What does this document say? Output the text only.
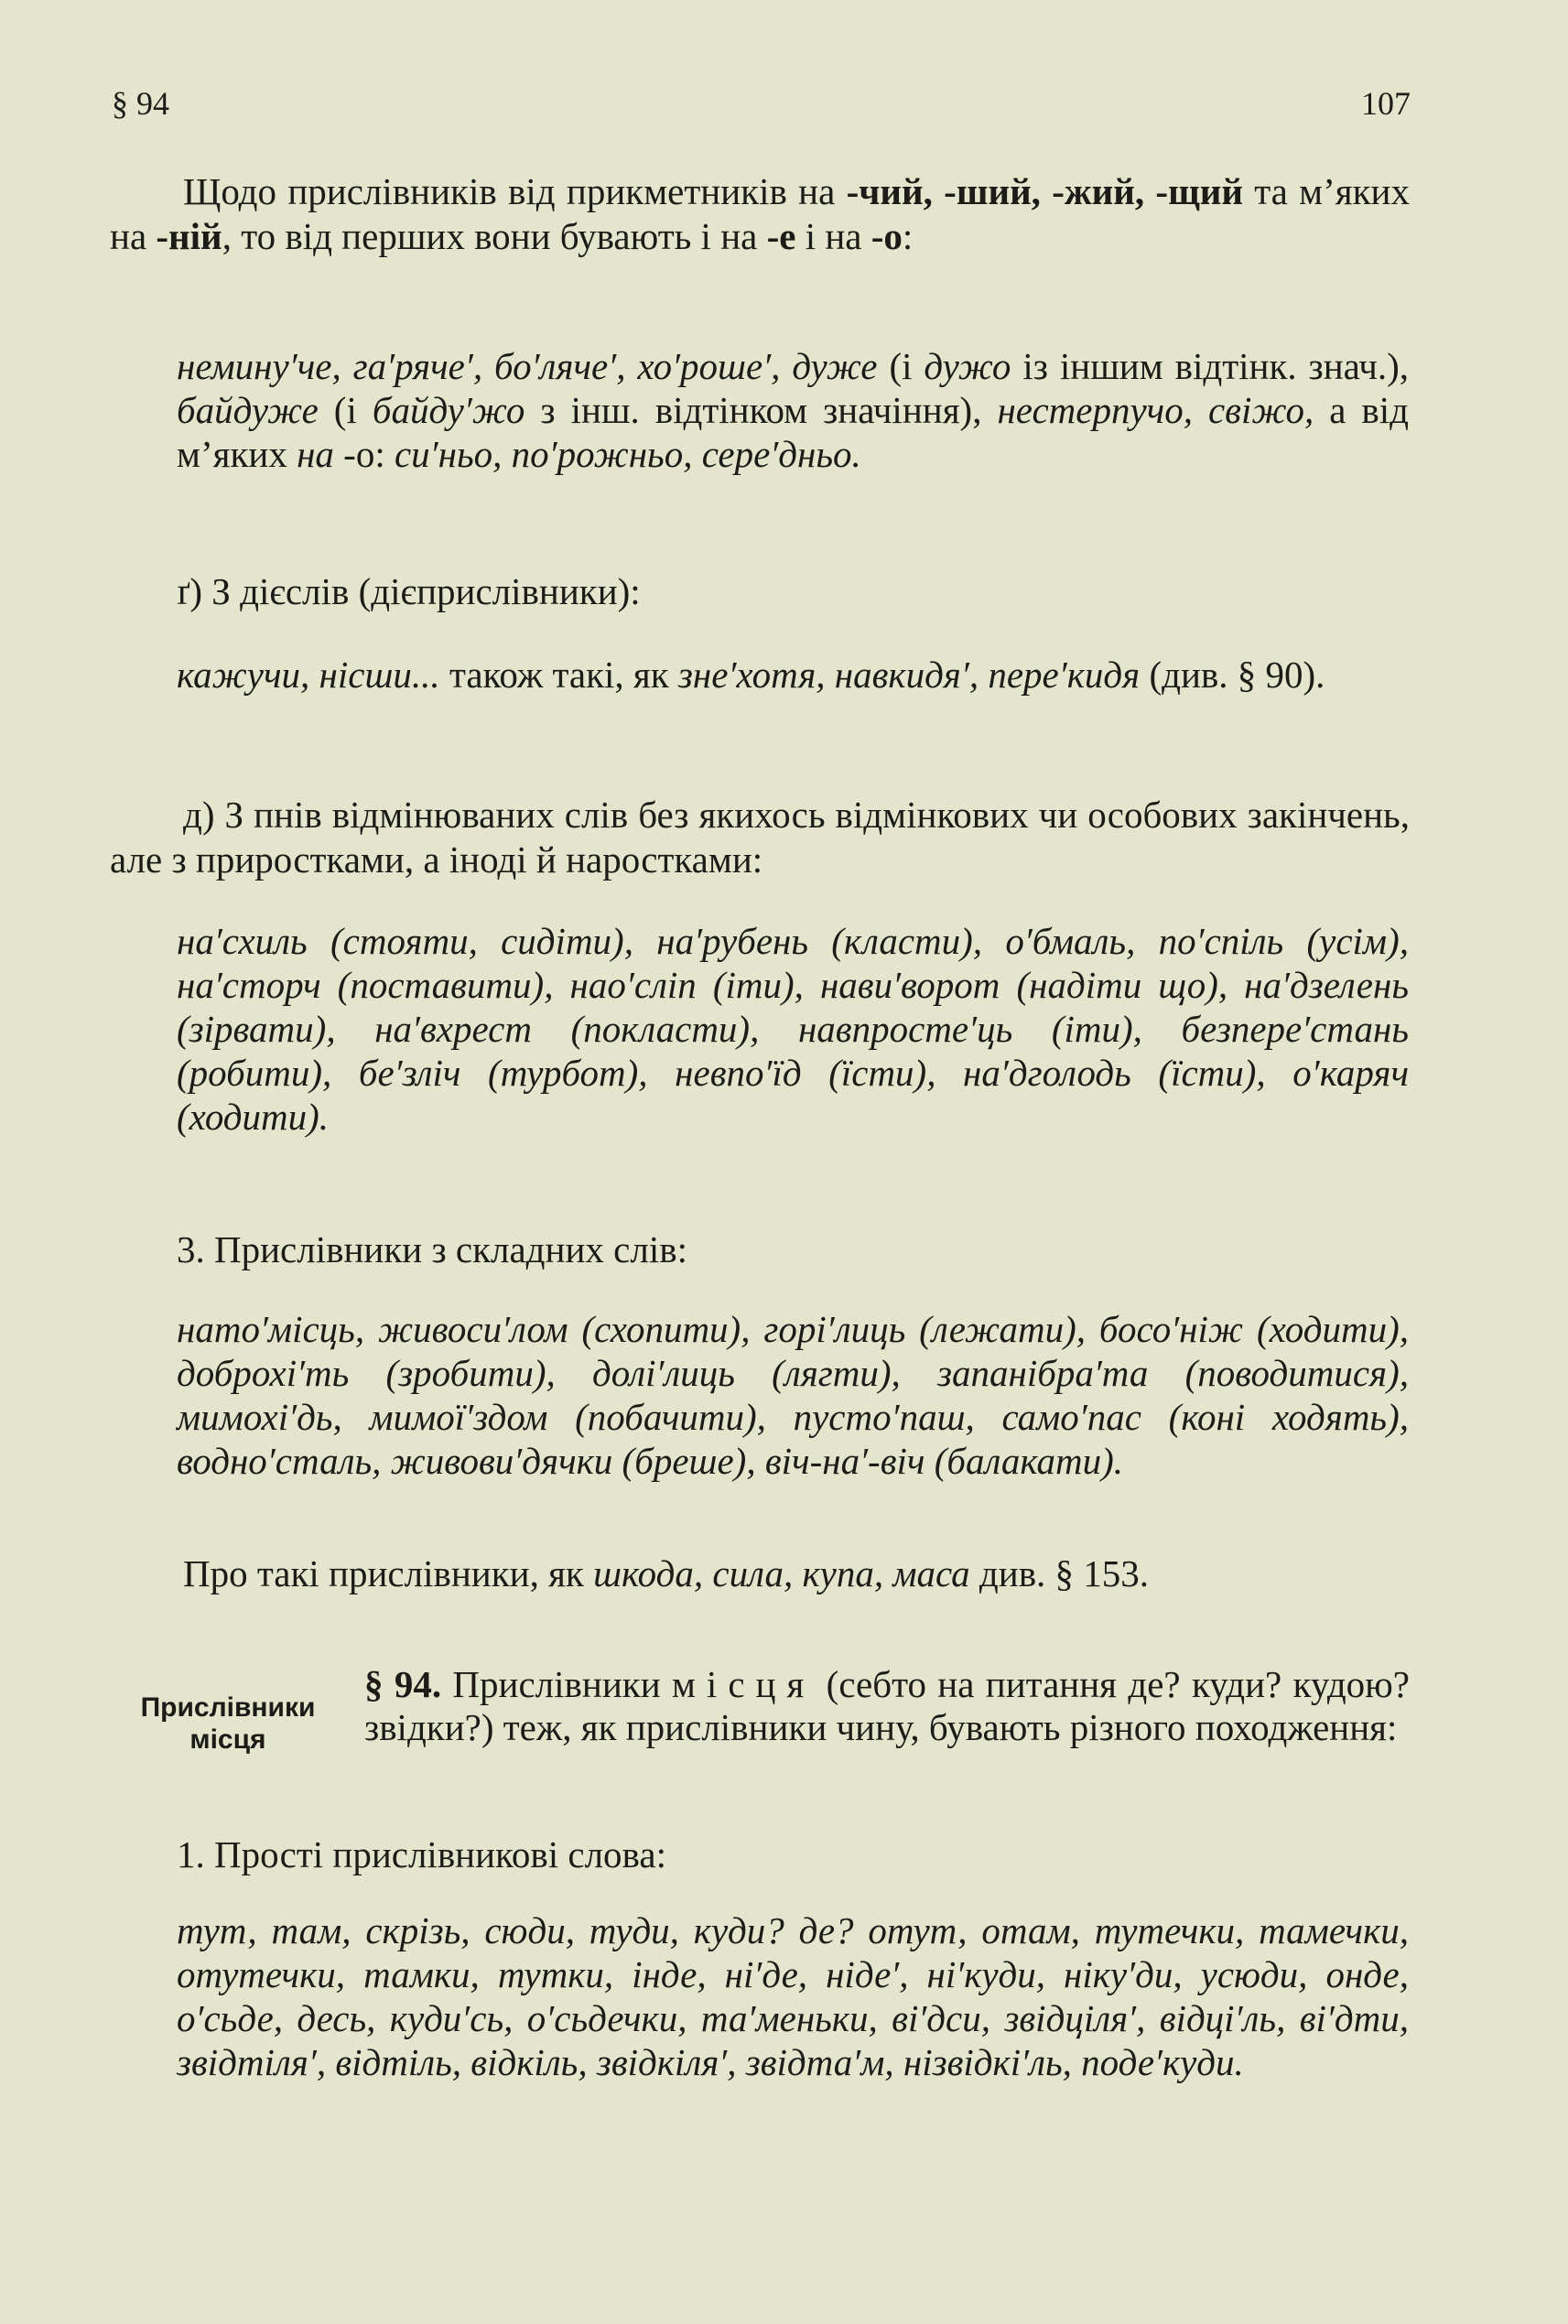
§ 94	107
Щодо прислівників від прикметників на -чий, -ший, -жий, -щий та м’яких на -ній, то від перших вони бувають і на -е і на -о:
немину′че, га′ряче′, бо′ляче′, хо′роше′, дуже (і дужо із іншим відтінк. знач.), байдуже (і байду′жо з інш. відтінком значіння), нестерпучо, свіжо, а від м’яких на -о: си′ньо, по′рожньо, сере′дньо.
ґ) З дієслів (дієприслівники):
кажучи, нісши... також такі, як зне′хотя, навкидя′, пере′кидя (див. § 90).
д) З пнів відмінюваних слів без якихось відмінкових чи особових закінчень, але з приростками, а іноді й наростками:
на′схиль (стояти, сидіти), на′рубень (класти), о′бмаль, по′спіль (усім), на′сторч (поставити), нао′сліп (іти), нави′ворот (надіти що), на′дзелень (зірвати), на′вхрест (покласти), навпросте′ць (іти), безпере′стань (робити), бе′зліч (турбот), невпо′їд (їсти), на′дголодь (їсти), о′каряч (ходити).
3. Прислівники з складних слів:
нато′місць, живоси′лом (схопити), горі′лиць (лежати), босо′ніж (ходити), доброхі′ть (зробити), долі′лиць (лягти), запанібра′та (поводитися), мимохі′дь, мимої′здом (побачити), пусто′паш, само′пас (коні ходять), водно′сталь, живови′дячки (бреше), віч-на′-віч (балакати).
Про такі прислівники, як шкода, сила, купа, маса див. § 153.
Прислівники місця
§ 94. Прислівники місця (себто на питання де? куди? кудою? звідки?) теж, як прислівники чину, бувають різного походження:
1. Прості прислівникові слова:
тут, там, скрізь, сюди, туди, куди? де? отут, отам, тутечки, тамечки, отутечки, тамки, тутки, інде, ні′де, ніде′, ні′куди, ніку′ди, усюди, онде, о′сьде, десь, куди′сь, о′сьдечки, та′меньки, ві′дси, звідціля′, відці′ль, ві′дти, звідтіля′, відтіль, відкіль, звідкіля′, звідта′м, нізвідкі′ль, поде′куди.
